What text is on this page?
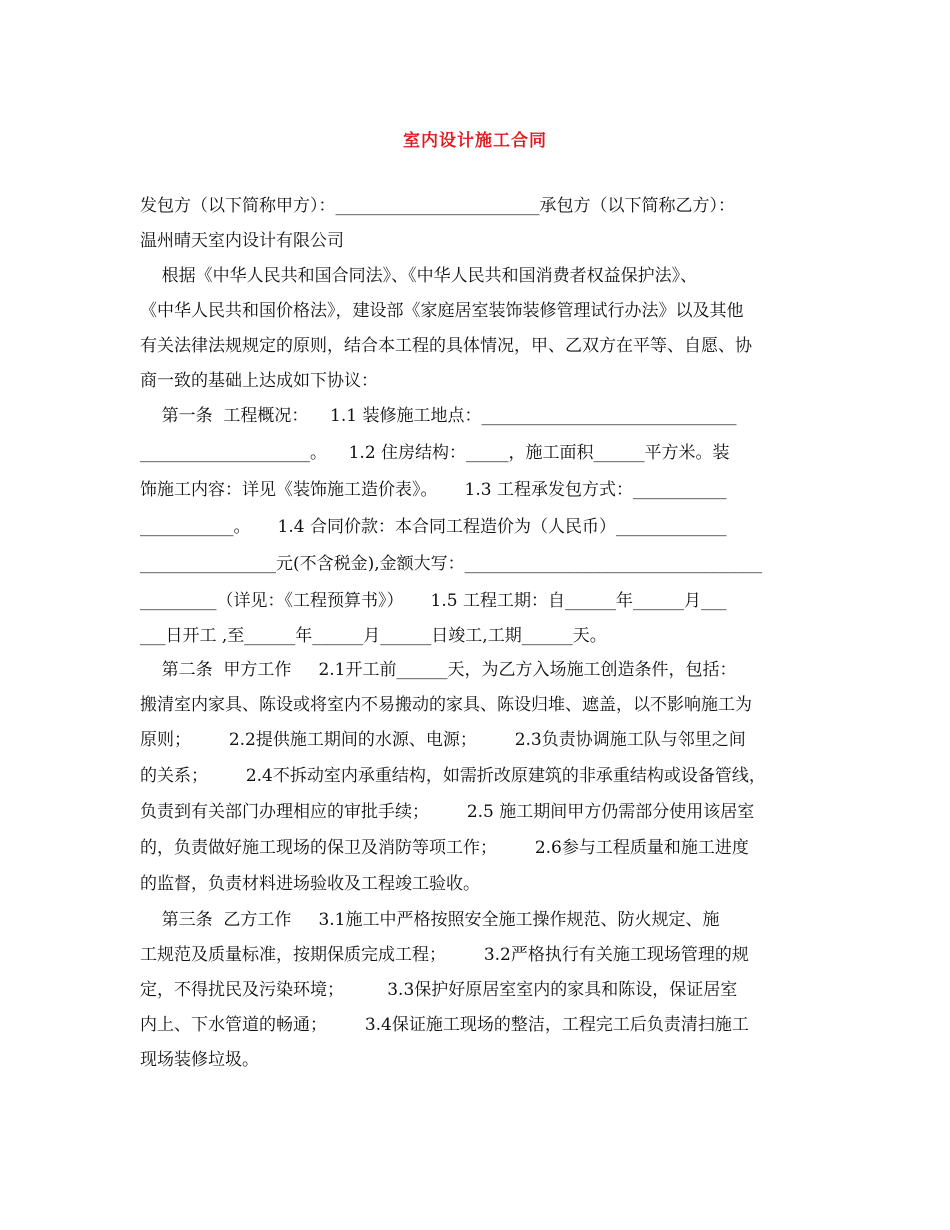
室内设计施工合同
发包方（以下简称甲方）：________________________承包方（以下简称乙方）：
温州晴天室内设计有限公司
根据《中华人民共和国合同法》、《中华人民共和国消费者权益保护法》、
《中华人民共和国价格法》，建设部《家庭居室装饰装修管理试行办法》以及其他
有关法律法规规定的原则，结合本工程的具体情况，甲、乙双方在平等、自愿、协
商一致的基础上达成如下协议：
第一条  工程概况：    1.1 装修施工地点：______________________________
____________________。    1.2 住房结构：_____，施工面积______平方米。装
饰施工内容：详见《装饰施工造价表》。     1.3 工程承发包方式：___________
___________。     1.4 合同价款：本合同工程造价为（人民币）_____________
________________元(不含税金),金额大写：___________________________________
_________（详见：《工程预算书》）     1.5 工程工期：自______年______月___
___日开工 ,至______年______月______日竣工,工期______天。
第二条  甲方工作     2.1开工前______天，为乙方入场施工创造条件，包括：
搬清室内家具、陈设或将室内不易搬动的家具、陈设归堆、遮盖，以不影响施工为
原则；       2.2提供施工期间的水源、电源；       2.3负责协调施工队与邻里之间
的关系；       2.4不拆动室内承重结构，如需折改原建筑的非承重结构或设备管线，
负责到有关部门办理相应的审批手续；       2.5 施工期间甲方仍需部分使用该居室
的，负责做好施工现场的保卫及消防等项工作；       2.6参与工程质量和施工进度
的监督，负责材料进场验收及工程竣工验收。
第三条  乙方工作     3.1施工中严格按照安全施工操作规范、防火规定、施
工规范及质量标准，按期保质完成工程；       3.2严格执行有关施工现场管理的规
定，不得扰民及污染环境；        3.3保护好原居室室内的家具和陈设，保证居室
内上、下水管道的畅通；       3.4保证施工现场的整洁，工程完工后负责清扫施工
现场装修垃圾。
